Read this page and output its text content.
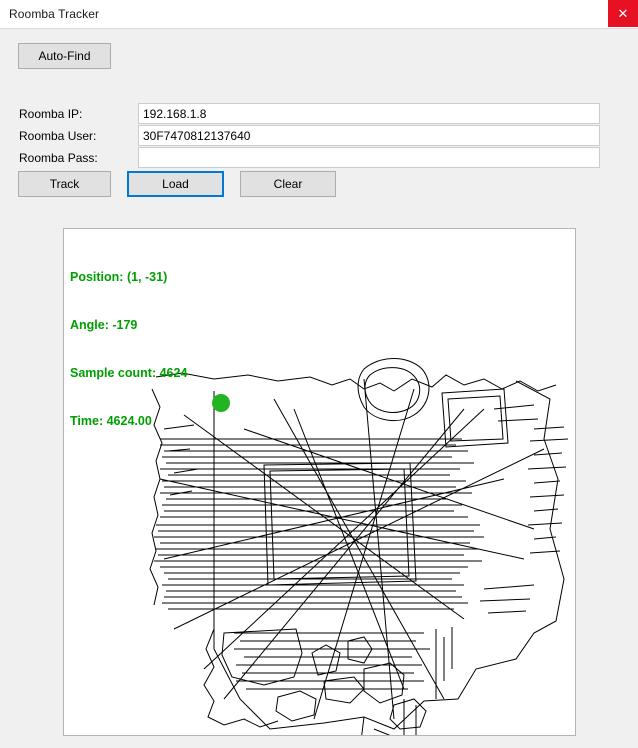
Roomba Tracker	✕
Auto-Find
Roomba IP:
192.168.1.8
Roomba User:
30F7470812137640
Roomba Pass:
Track	Load	Clear

Position: (1, -31)

Angle: -179

Sample count: 4624

Time: 4624.00
